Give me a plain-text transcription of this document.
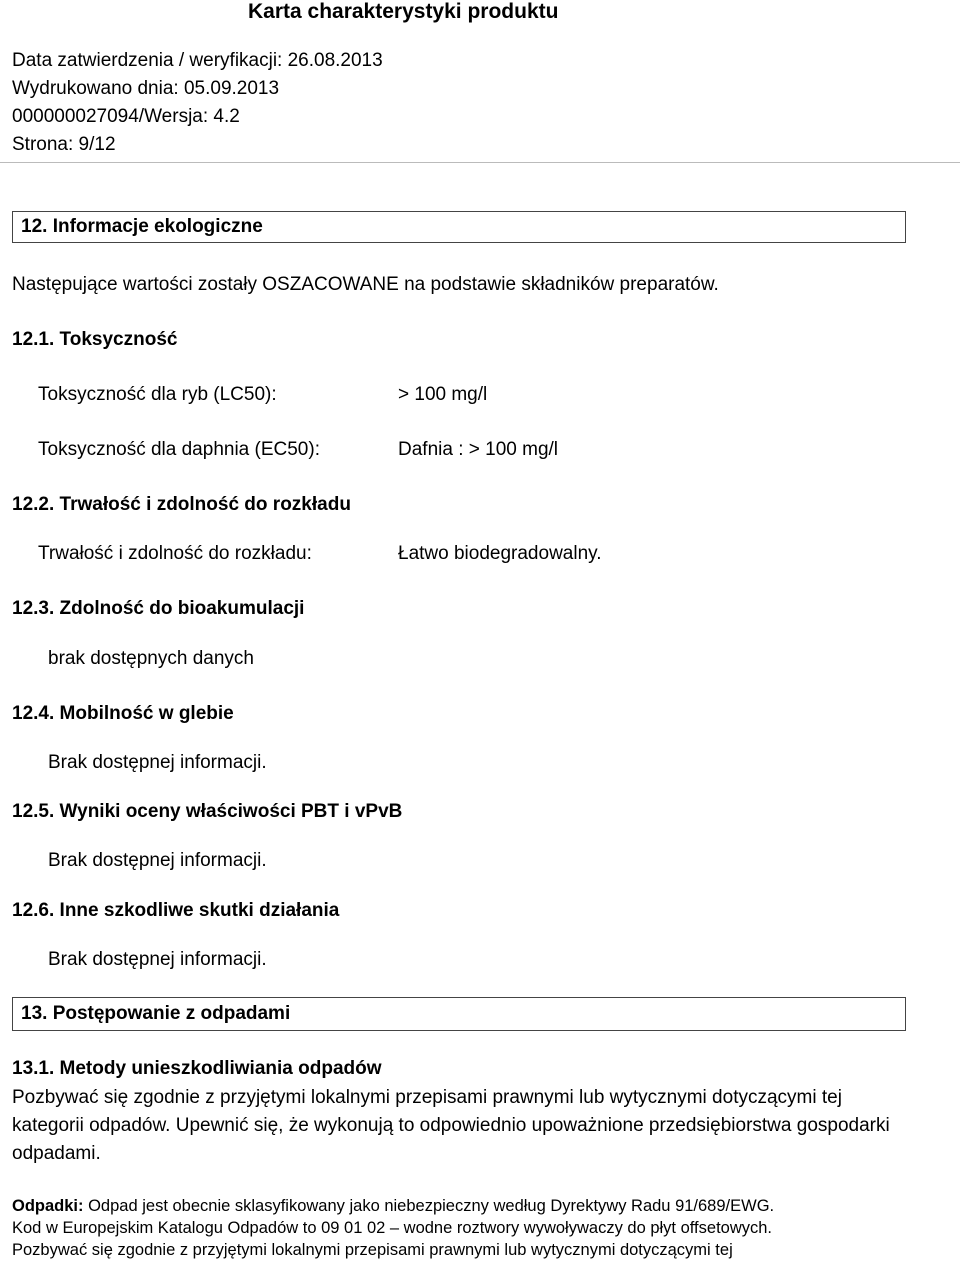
Karta charakterystyki produktu
Data zatwierdzenia / weryfikacji: 26.08.2013
Wydrukowano dnia: 05.09.2013
000000027094/Wersja: 4.2
Strona: 9/12
12. Informacje ekologiczne
Następujące wartości zostały OSZACOWANE na podstawie składników preparatów.
12.1. Toksyczność
Toksyczność dla ryb (LC50):	> 100 mg/l
Toksyczność dla daphnia (EC50):	Dafnia : > 100 mg/l
12.2. Trwałość i zdolność do rozkładu
Trwałość i zdolność do rozkładu:	Łatwo biodegradowalny.
12.3. Zdolność do bioakumulacji
brak dostępnych danych
12.4. Mobilność w glebie
Brak dostępnej informacji.
12.5. Wyniki oceny właściwości PBT i vPvB
Brak dostępnej informacji.
12.6. Inne szkodliwe skutki działania
Brak dostępnej informacji.
13. Postępowanie z odpadami
13.1. Metody unieszkodliwiania odpadów
Pozbywać się zgodnie z przyjętymi lokalnymi przepisami prawnymi lub wytycznymi dotyczącymi tej kategorii odpadów. Upewnić się, że wykonują to odpowiednio upoważnione przedsiębiorstwa gospodarki odpadami.
Odpadki: Odpad jest obecnie sklasyfikowany jako niebezpieczny według Dyrektywy Radu 91/689/EWG.
Kod w Europejskim Katalogu Odpadów to 09 01 02 – wodne roztwory wywoływaczy do płyt offsetowych.
Pozbywać się zgodnie z przyjętymi lokalnymi przepisami prawnymi lub wytycznymi dotyczącymi tej
